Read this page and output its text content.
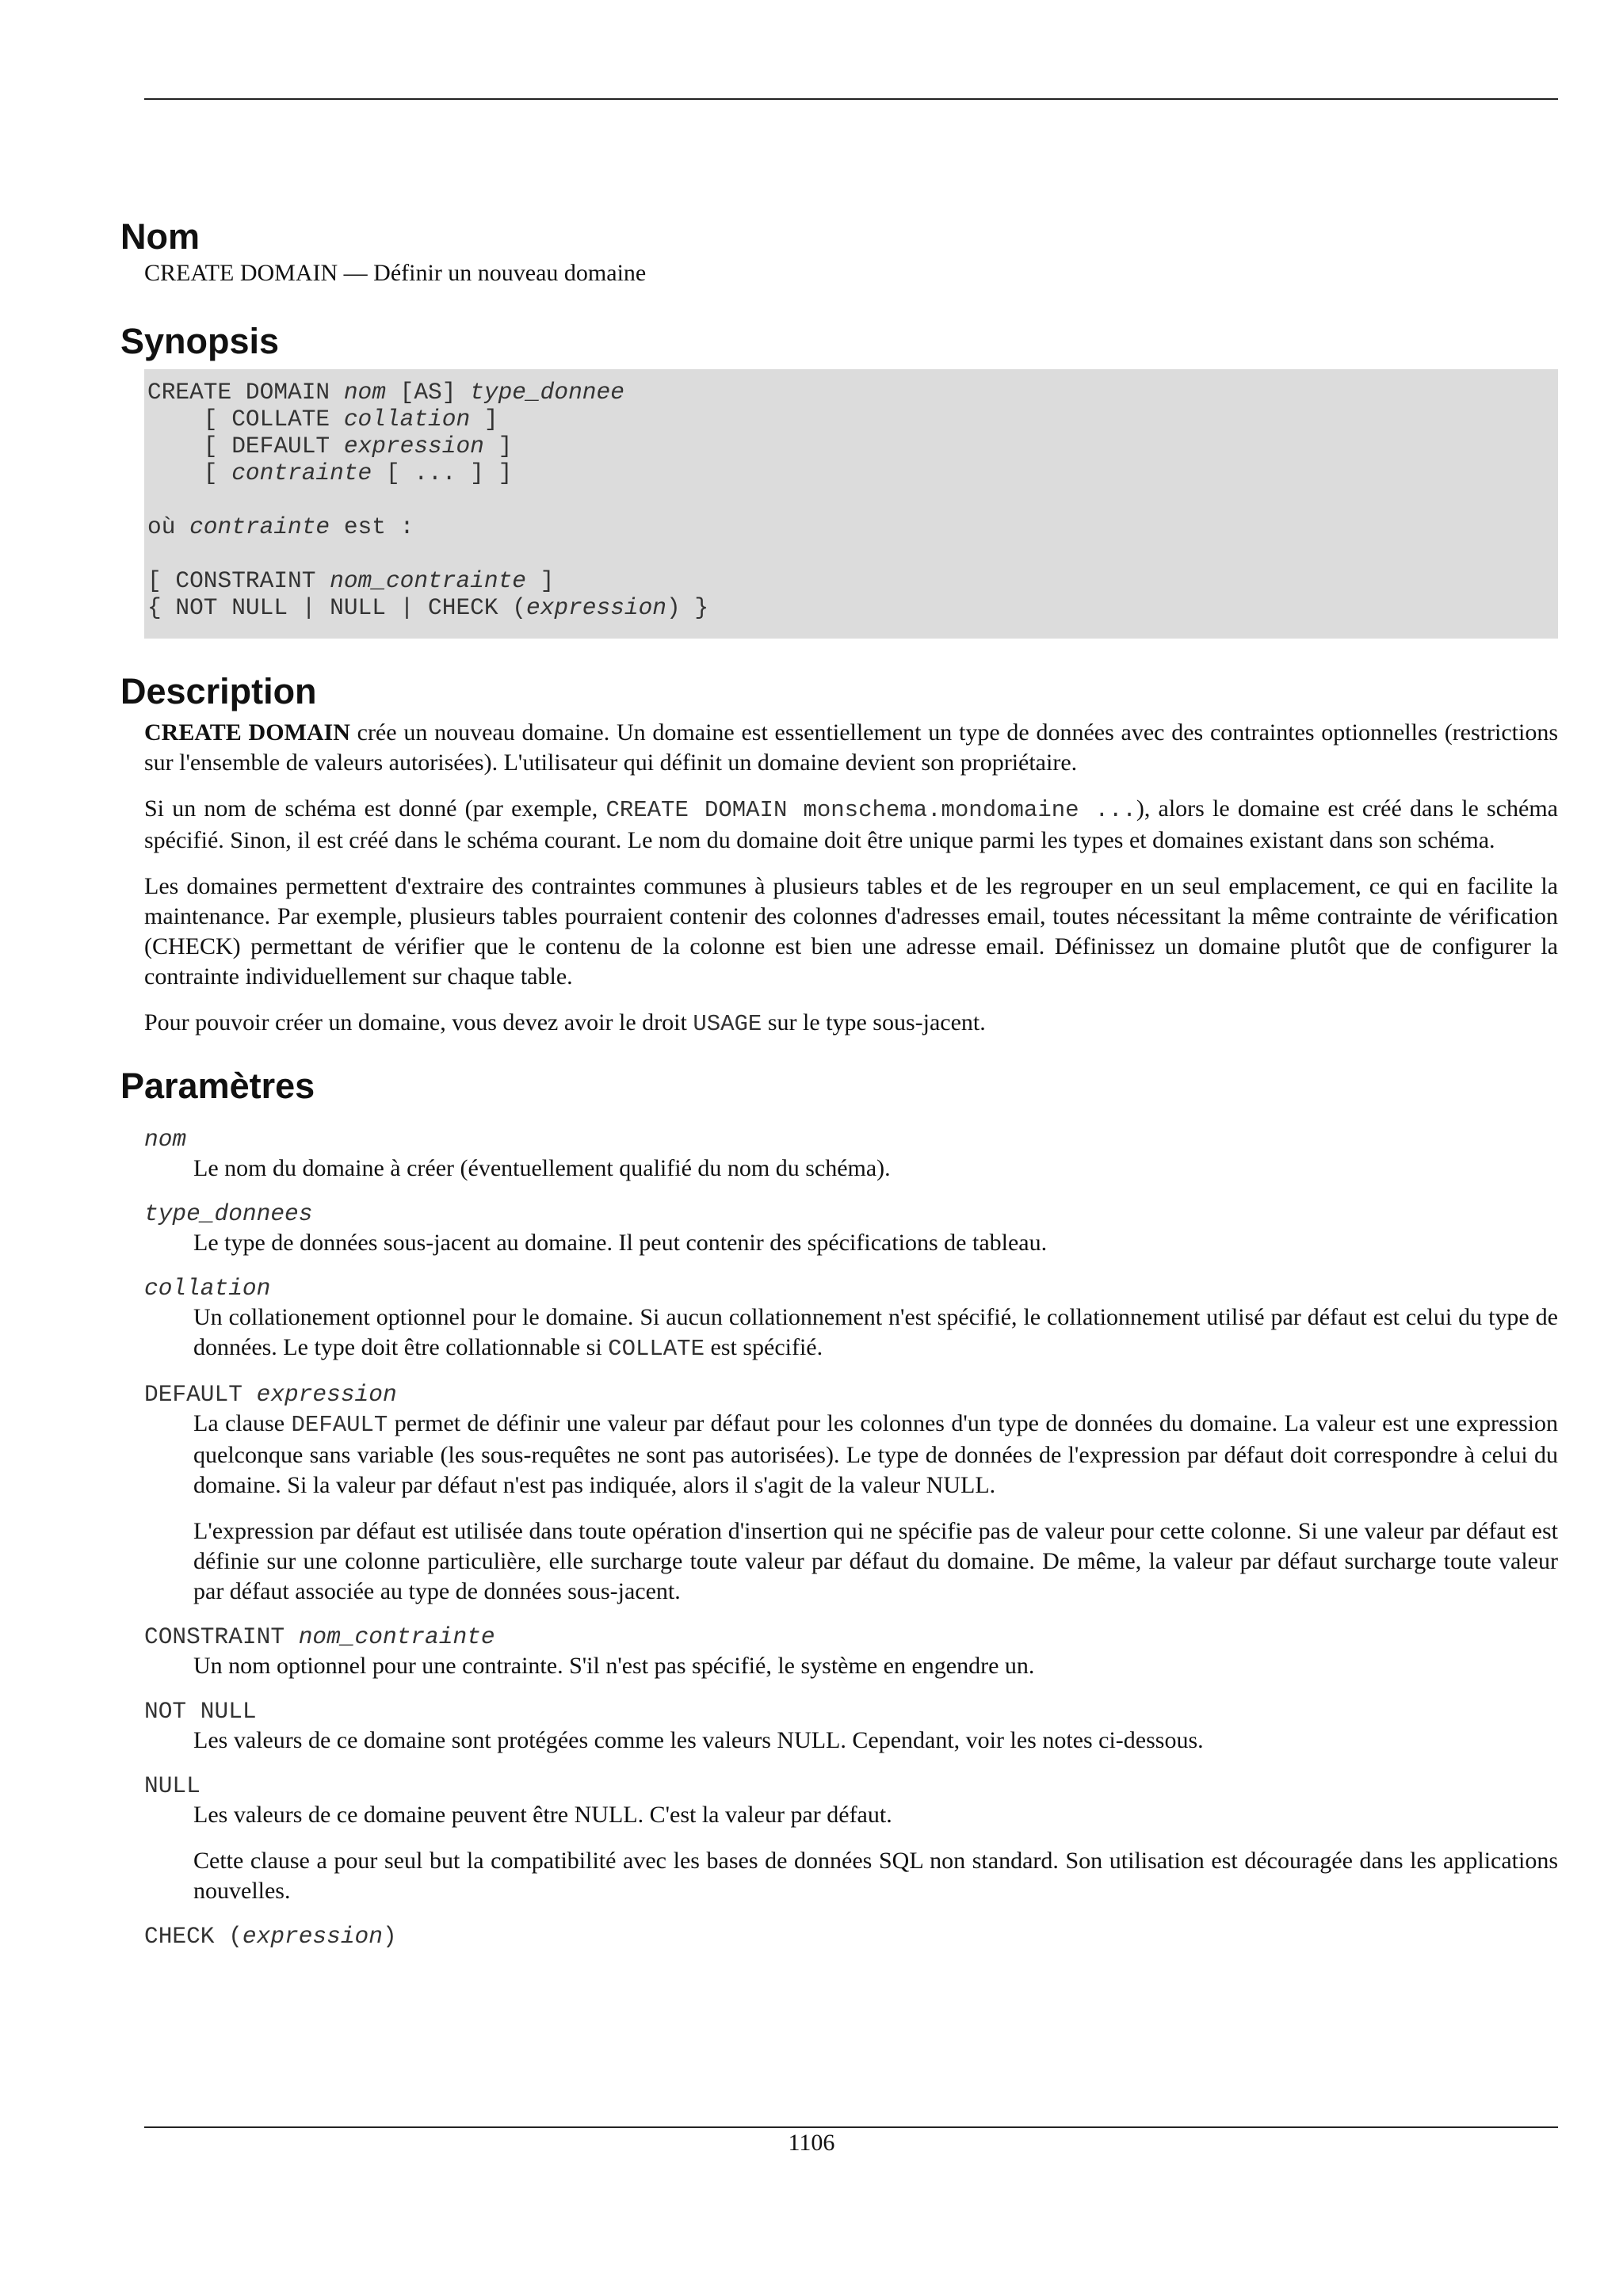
Nom
CREATE DOMAIN — Définir un nouveau domaine
Synopsis
CREATE DOMAIN nom [AS] type_donnee
[ COLLATE collation ]
[ DEFAULT expression ]
[ contrainte [ ... ] ]

où contrainte est :

[ CONSTRAINT nom_contrainte ]
{ NOT NULL | NULL | CHECK (expression) }
Description

CREATE DOMAIN crée un nouveau domaine. Un domaine est essentiellement un type de données avec des contraintes optionnelles (restrictions sur l'ensemble de valeurs autorisées). L'utilisateur qui définit un domaine devient son propriétaire.

Si un nom de schéma est donné (par exemple, CREATE DOMAIN monschema.mondomaine ...), alors le domaine est créé dans le schéma spécifié. Sinon, il est créé dans le schéma courant. Le nom du domaine doit être unique parmi les types et domaines existant dans son schéma.

Les domaines permettent d'extraire des contraintes communes à plusieurs tables et de les regrouper en un seul emplacement, ce qui en facilite la maintenance. Par exemple, plusieurs tables pourraient contenir des colonnes d'adresses email, toutes nécessitant la même contrainte de vérification (CHECK) permettant de vérifier que le contenu de la colonne est bien une adresse email. Définissez un domaine plutôt que de configurer la contrainte individuellement sur chaque table.

Pour pouvoir créer un domaine, vous devez avoir le droit USAGE sur le type sous-jacent.

Paramètres
nom

Le nom du domaine à créer (éventuellement qualifié du nom du schéma).

type_donnees

Le type de données sous-jacent au domaine. Il peut contenir des spécifications de tableau.

collation

Un collationement optionnel pour le domaine. Si aucun collationnement n'est spécifié, le collationnement utilisé par défaut est celui du type de données. Le type doit être collationnable si COLLATE est spécifié.

DEFAULT expression

La clause DEFAULT permet de définir une valeur par défaut pour les colonnes d'un type de données du domaine. La valeur est une expression quelconque sans variable (les sous-requêtes ne sont pas autorisées). Le type de données de l'expression par défaut doit correspondre à celui du domaine. Si la valeur par défaut n'est pas indiquée, alors il s'agit de la valeur NULL.

L'expression par défaut est utilisée dans toute opération d'insertion qui ne spécifie pas de valeur pour cette colonne. Si une valeur par défaut est définie sur une colonne particulière, elle surcharge toute valeur par défaut du domaine. De même, la valeur par défaut surcharge toute valeur par défaut associée au type de données sous-jacent.

CONSTRAINT nom_contrainte

Un nom optionnel pour une contrainte. S'il n'est pas spécifié, le système en engendre un.

NOT NULL

Les valeurs de ce domaine sont protégées comme les valeurs NULL. Cependant, voir les notes ci-dessous.

NULL

Les valeurs de ce domaine peuvent être NULL. C'est la valeur par défaut.

Cette clause a pour seul but la compatibilité avec les bases de données SQL non standard. Son utilisation est découragée dans les applications nouvelles.

CHECK (expression)
1106
